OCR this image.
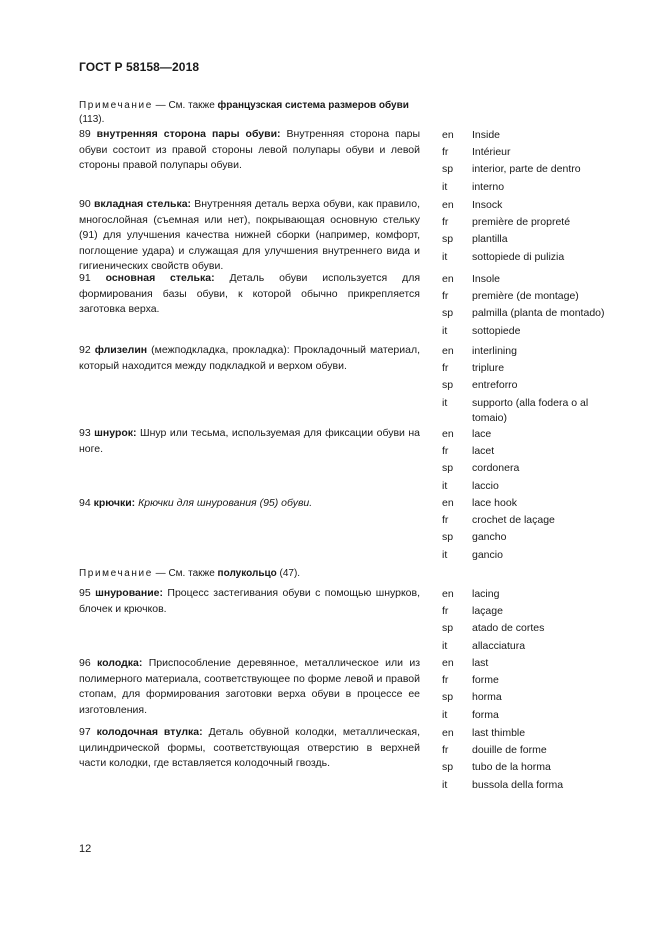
ГОСТ Р 58158—2018
Примечание — См. также французская система размеров обуви (113).
89 внутренняя сторона пары обуви: Внутренняя сторона пары обуви состоит из правой стороны левой полупары обуви и левой стороны правой полупары обуви.
en	Inside
fr	Intérieur
sp	interior, parte de dentro
it	interno
90 вкладная стелька: Внутренняя деталь верха обуви, как правило, многослойная (съемная или нет), покрывающая основную стельку (91) для улучшения качества нижней сборки (например, комфорт, поглощение удара) и служащая для улучшения внутреннего вида и гигиенических свойств обуви.
en	Insock
fr	première de propreté
sp	plantilla
it	sottopiede di pulizia
91 основная стелька: Деталь обуви используется для формирования базы обуви, к которой обычно прикрепляется заготовка верха.
en	Insole
fr	première (de montage)
sp	palmilla (planta de montado)
it	sottopiede
92 флизелин (межподкладка, прокладка): Прокладочный материал, который находится между подкладкой и верхом обуви.
en	interlining
fr	triplure
sp	entreforro
it	supporto (alla fodera o al tomaio)
93 шнурок: Шнур или тесьма, используемая для фиксации обуви на ноге.
en	lace
fr	lacet
sp	cordonera
it	laccio
94 крючки: Крючки для шнурования (95) обуви.	en	lace hook
fr	crochet de laçage
sp	gancho
it	gancio
Примечание — См. также полукольцо (47).
95 шнурование: Процесс застегивания обуви с помощью шнурков, блочек и крючков.
en	lacing
fr	laçage
sp	atado de cortes
it	allacciatura
96 колодка: Приспособление деревянное, металлическое или из полимерного материала, соответствующее по форме левой и правой стопам, для формирования заготовки верха обуви в процессе ее изготовления.
en	last
fr	forme
sp	horma
it	forma
97 колодочная втулка: Деталь обувной колодки, металлическая, цилиндрической формы, соответствующая отверстию в верхней части колодки, где вставляется колодочный гвоздь.
en	last thimble
fr	douille de forme
sp	tubo de la horma
it	bussola della forma
12
